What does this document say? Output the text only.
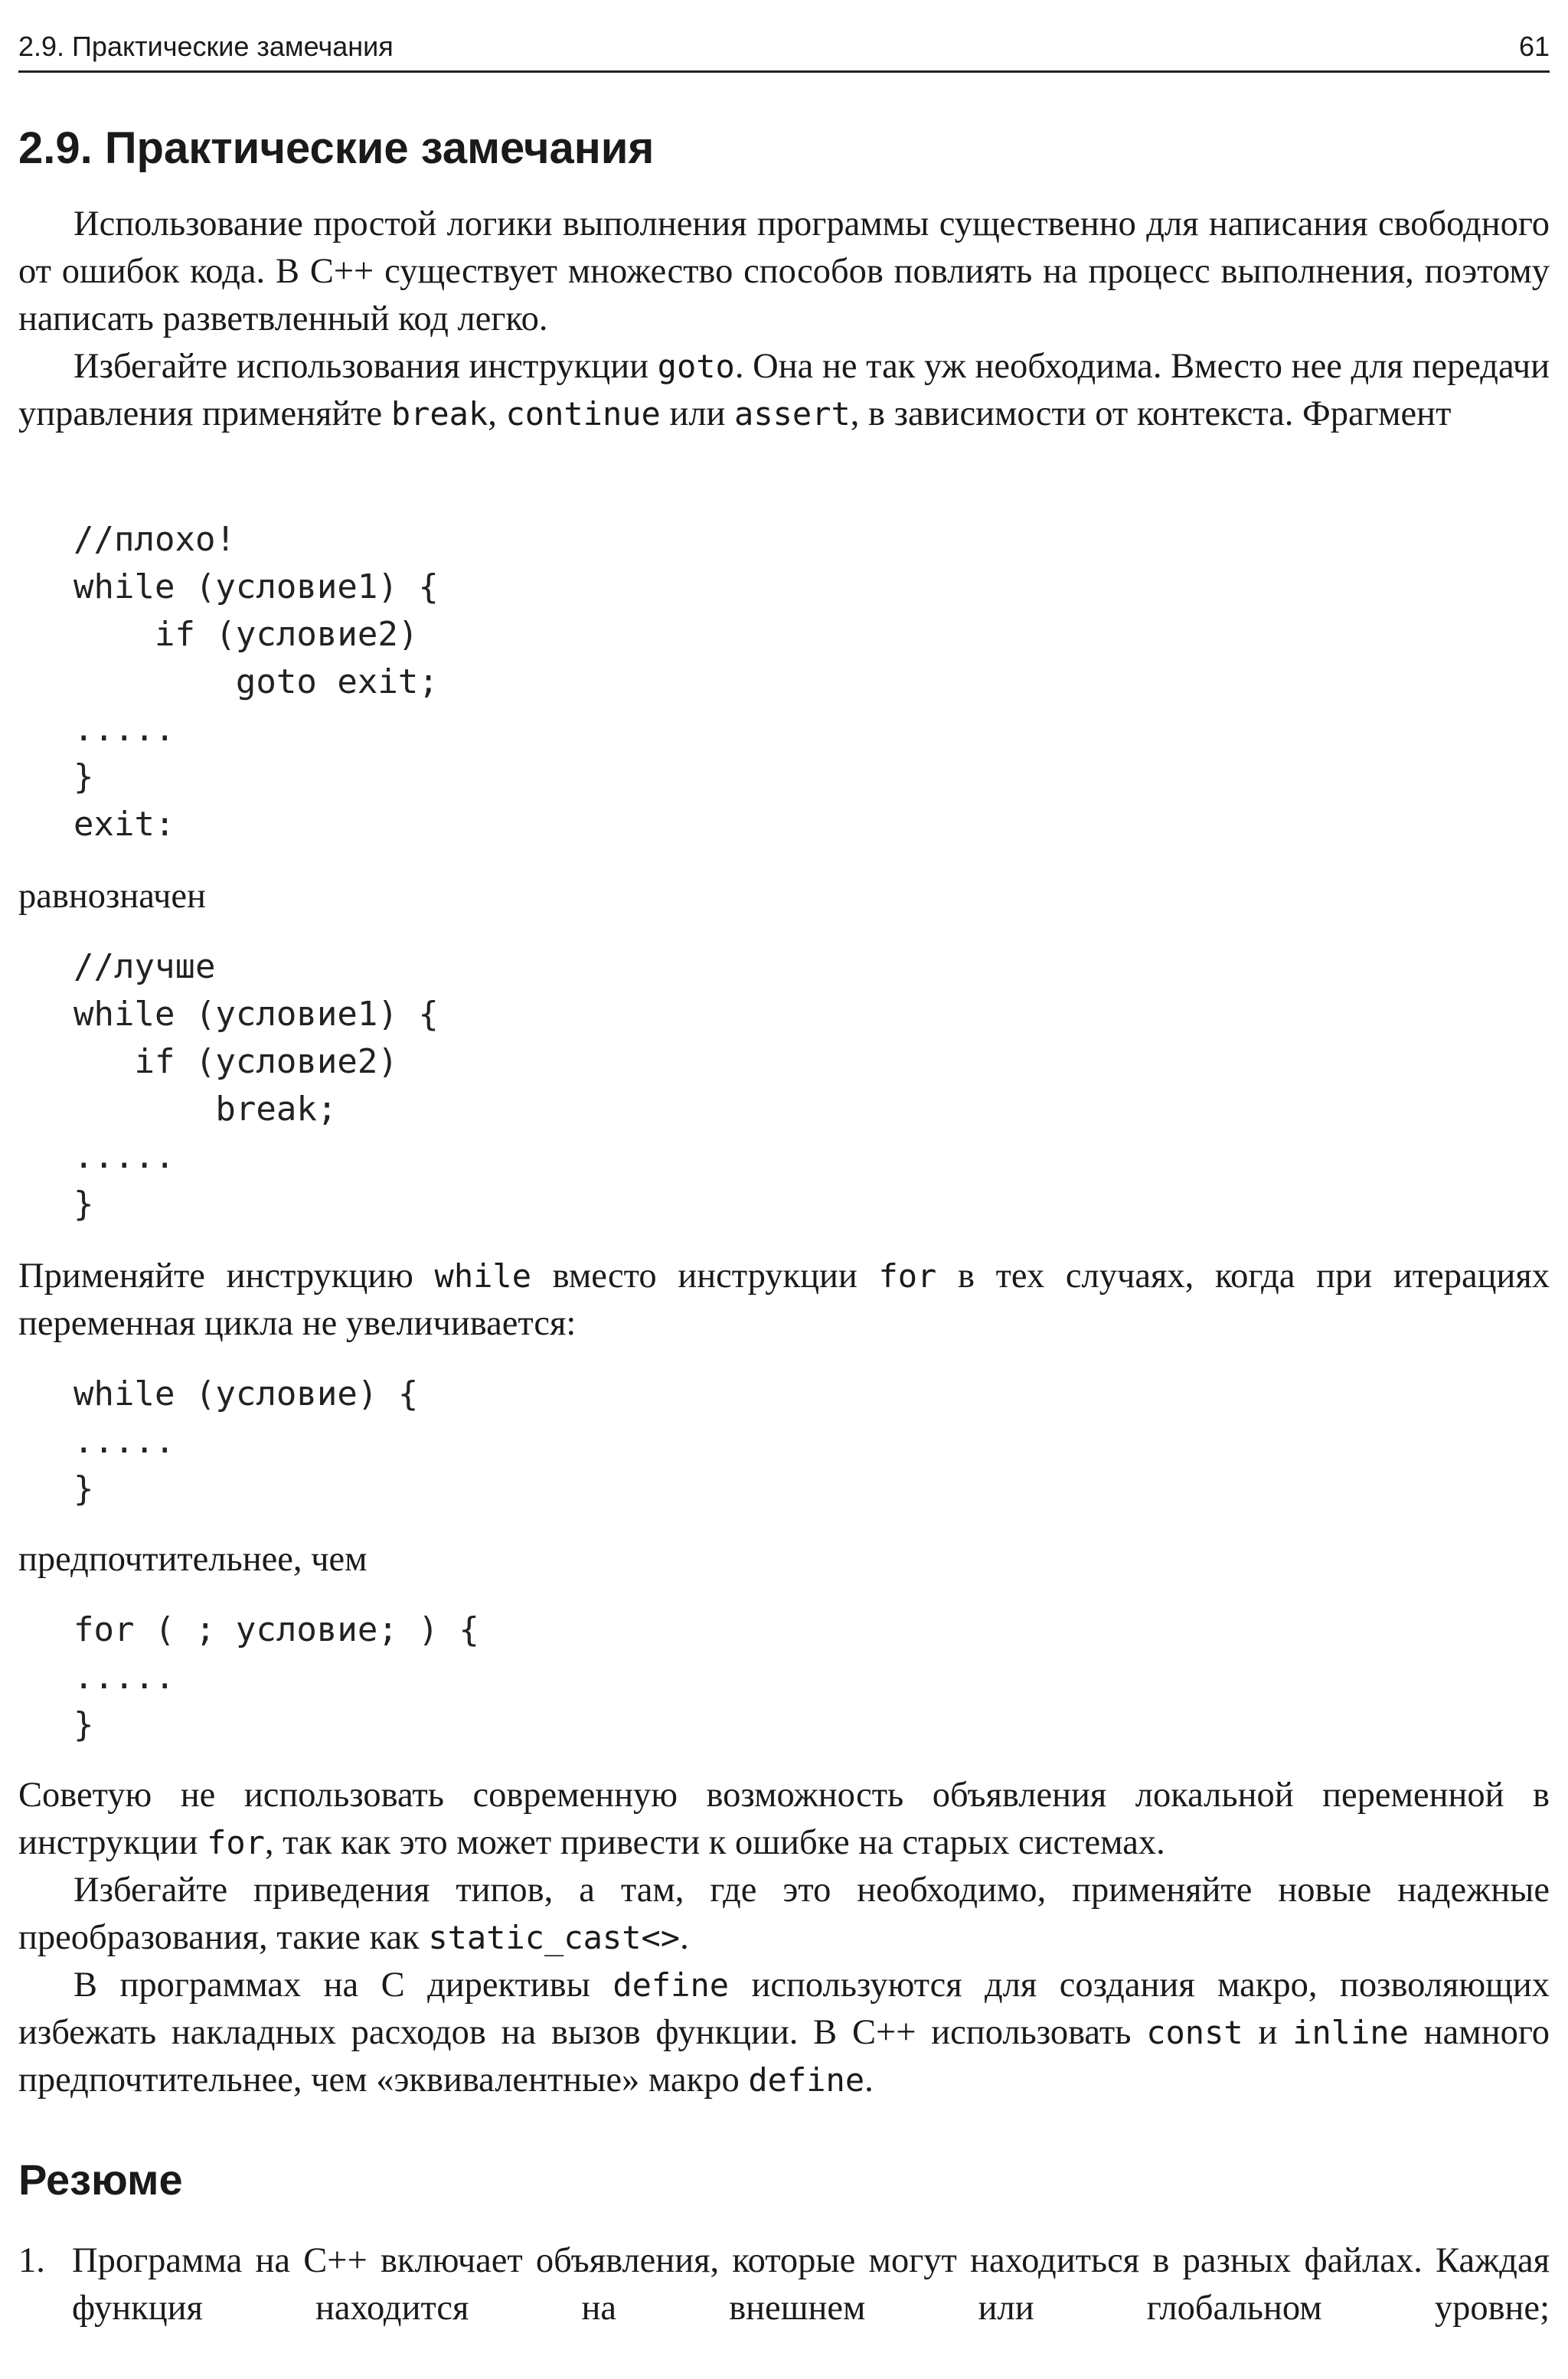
2.9. Практические замечания	61
2.9. Практические замечания

Использование простой логики выполнения программы существенно для написания свободного от ошибок кода. В С++ существует множество способов повлиять на процесс выполнения, поэтому написать разветвленный код легко.

Избегайте использования инструкции goto. Она не так уж необходима. Вместо нее для передачи управления применяйте break, continue или assert, в зависимости от контекста. Фрагмент

//плохо!
while (условие1) {
if (условие2)
goto exit;
.....
}
exit:

равнозначен

//лучше
while (условие1) {
if (условие2)
break;
.....
}

Применяйте инструкцию while вместо инструкции for в тех случаях, когда при итерациях переменная цикла не увеличивается:

while (условие) {
.....
}

предпочтительнее, чем

for ( ; условие; ) {
.....
}

Советую не использовать современную возможность объявления локальной переменной в инструкции for, так как это может привести к ошибке на старых системах.

Избегайте приведения типов, а там, где это необходимо, применяйте новые надежные преобразования, такие как static_cast<>.

В программах на С директивы define используются для создания макро, позволяющих избежать накладных расходов на вызов функции. В С++ использовать const и inline намного предпочтительнее, чем «эквивалентные» макро define.

Резюме
1. Программа на С++ включает объявления, которые могут находиться в разных файлах. Каждая функция находится на внешнем или глобальном уровне;
